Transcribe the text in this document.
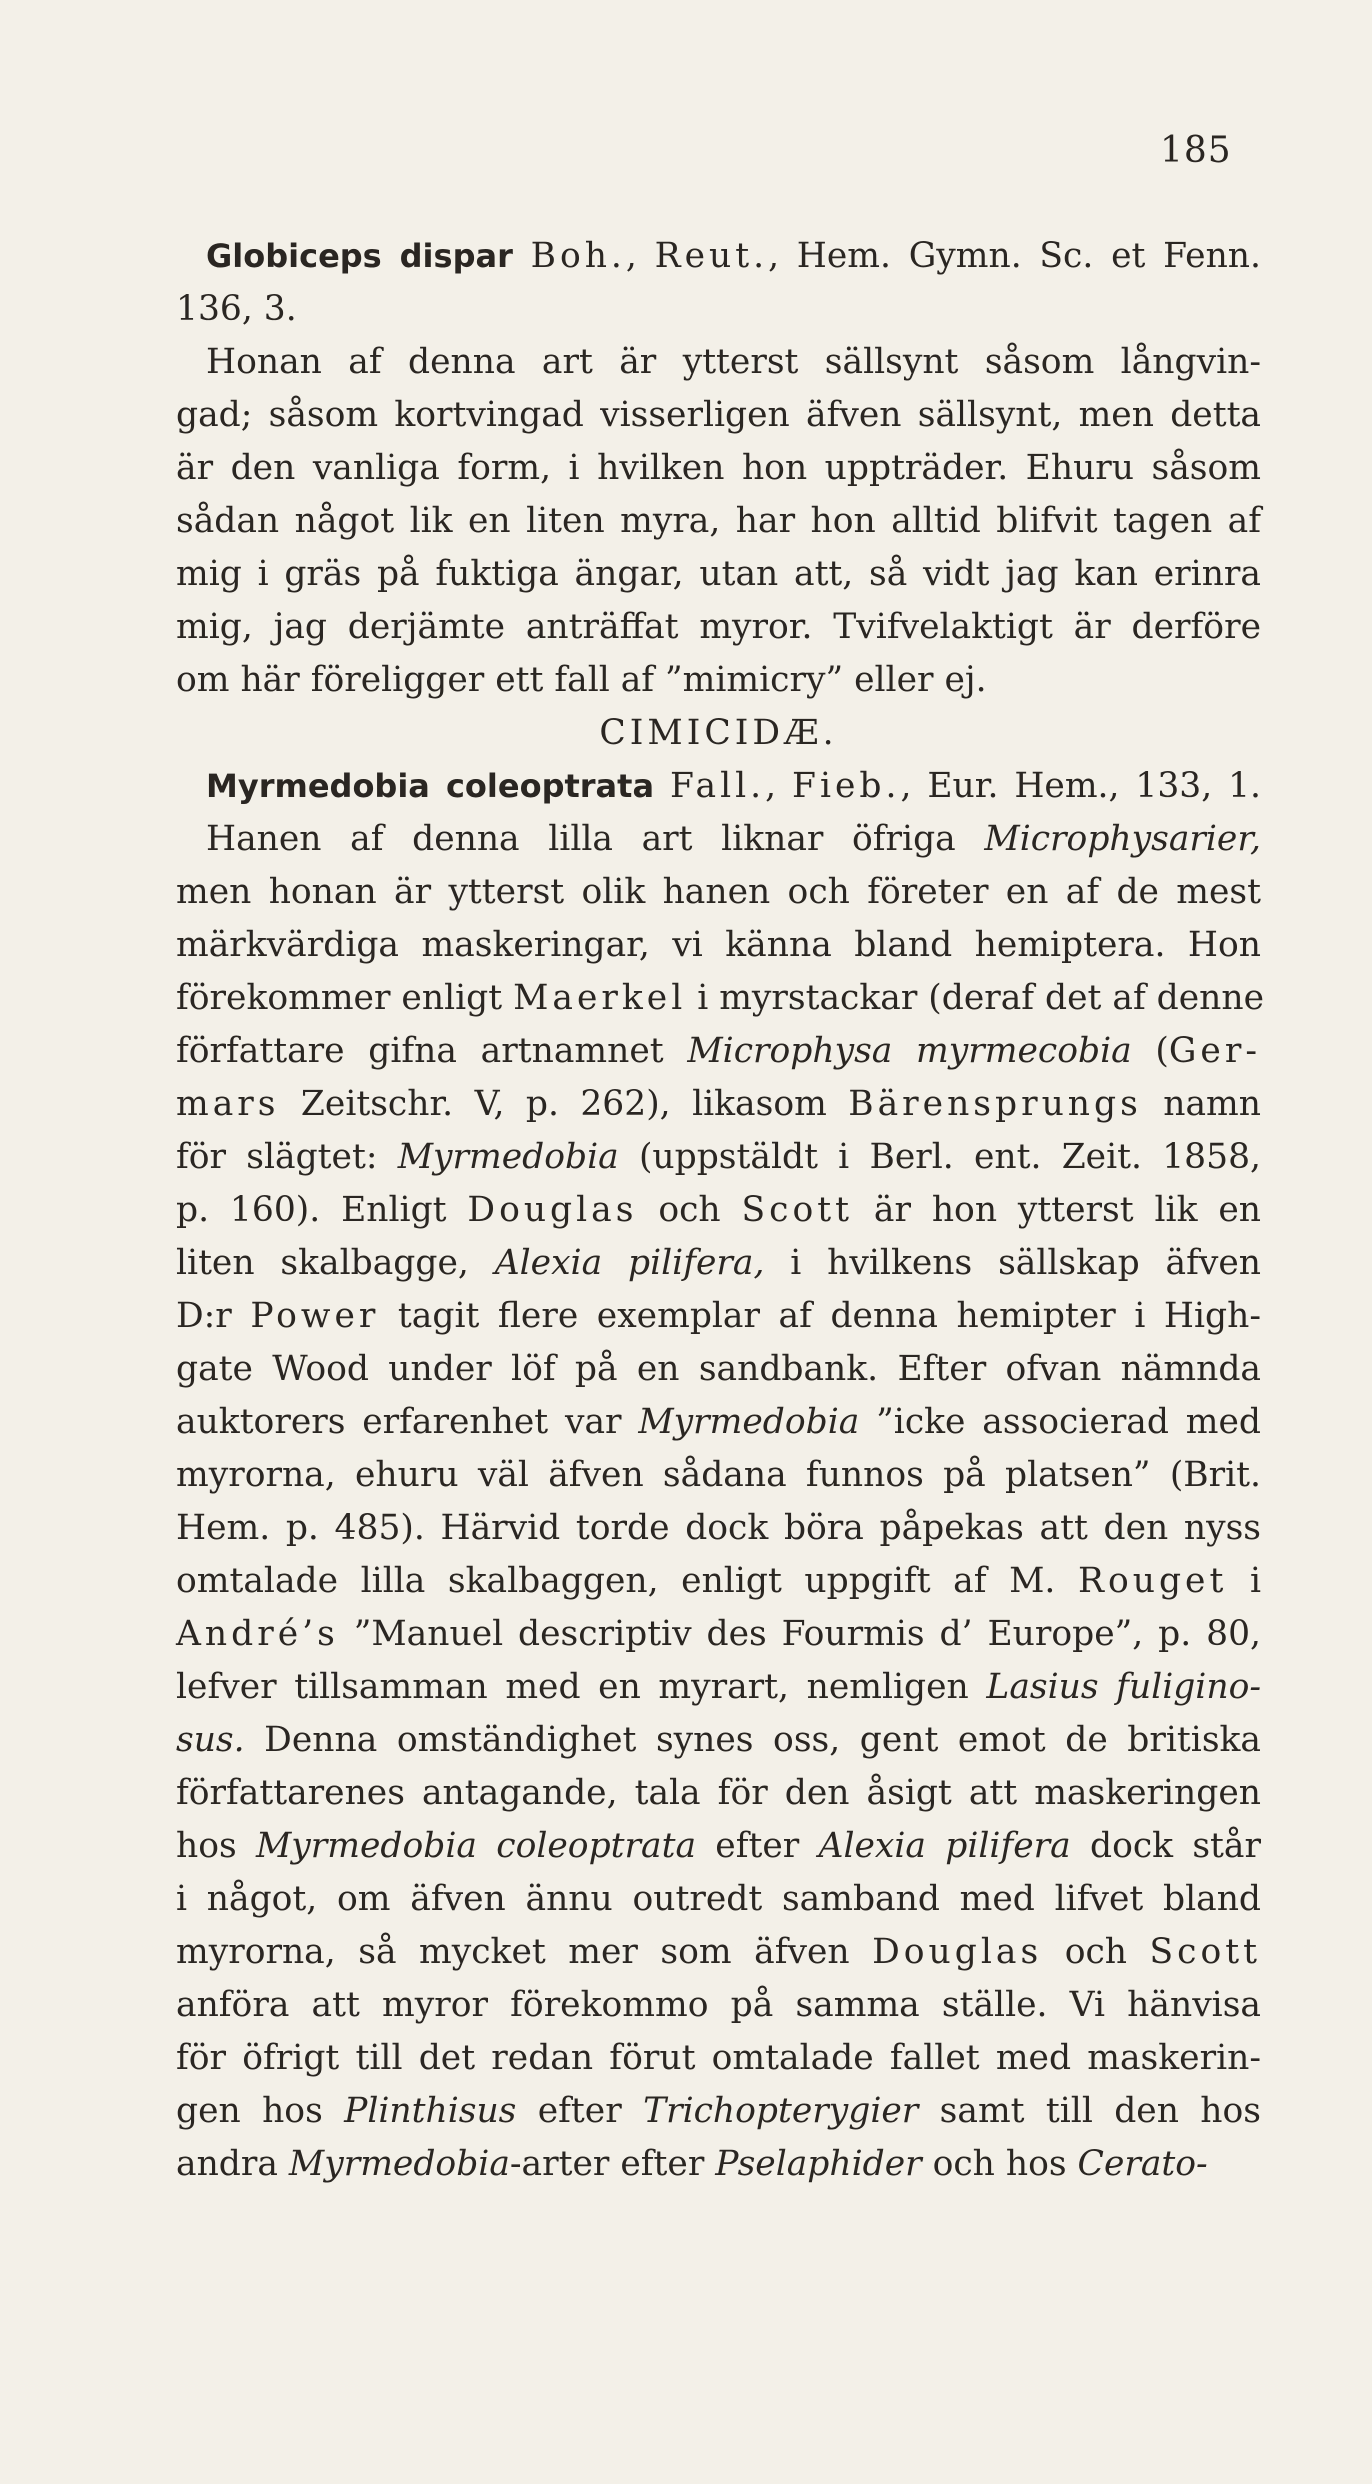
185
Globiceps dispar Boh., Reut., Hem. Gymn. Sc. et Fenn.
136, 3.
Honan af denna art är ytterst sällsynt såsom långvin-
gad; såsom kortvingad visserligen äfven sällsynt, men detta
är den vanliga form, i hvilken hon uppträder. Ehuru såsom
sådan något lik en liten myra, har hon alltid blifvit tagen af
mig i gräs på fuktiga ängar, utan att, så vidt jag kan erinra
mig, jag derjämte anträffat myror. Tvifvelaktigt är derföre
om här föreligger ett fall af ”mimicry” eller ej.
CIMICIDÆ.
Myrmedobia coleoptrata Fall., Fieb., Eur. Hem., 133, 1.
Hanen af denna lilla art liknar öfriga Microphysarier,
men honan är ytterst olik hanen och företer en af de mest
märkvärdiga maskeringar, vi känna bland hemiptera. Hon
förekommer enligt Maerkel i myrstackar (deraf det af denne
författare gifna artnamnet Microphysa myrmecobia (Ger-
mars Zeitschr. V, p. 262), likasom Bärensprungs namn
för slägtet: Myrmedobia (uppstäldt i Berl. ent. Zeit. 1858,
p. 160). Enligt Douglas och Scott är hon ytterst lik en
liten skalbagge, Alexia pilifera, i hvilkens sällskap äfven
D:r Power tagit flere exemplar af denna hemipter i High-
gate Wood under löf på en sandbank. Efter ofvan nämnda
auktorers erfarenhet var Myrmedobia ”icke associerad med
myrorna, ehuru väl äfven sådana funnos på platsen” (Brit.
Hem. p. 485). Härvid torde dock böra påpekas att den nyss
omtalade lilla skalbaggen, enligt uppgift af M. Rouget i
André’s ”Manuel descriptiv des Fourmis d’ Europe”, p. 80,
lefver tillsamman med en myrart, nemligen Lasius fuligino-
sus. Denna omständighet synes oss, gent emot de britiska
författarenes antagande, tala för den åsigt att maskeringen
hos Myrmedobia coleoptrata efter Alexia pilifera dock står
i något, om äfven ännu outredt samband med lifvet bland
myrorna, så mycket mer som äfven Douglas och Scott
anföra att myror förekommo på samma ställe. Vi hänvisa
för öfrigt till det redan förut omtalade fallet med maskerin-
gen hos Plinthisus efter Trichopterygier samt till den hos
andra Myrmedobia-arter efter Pselaphider och hos Cerato-
